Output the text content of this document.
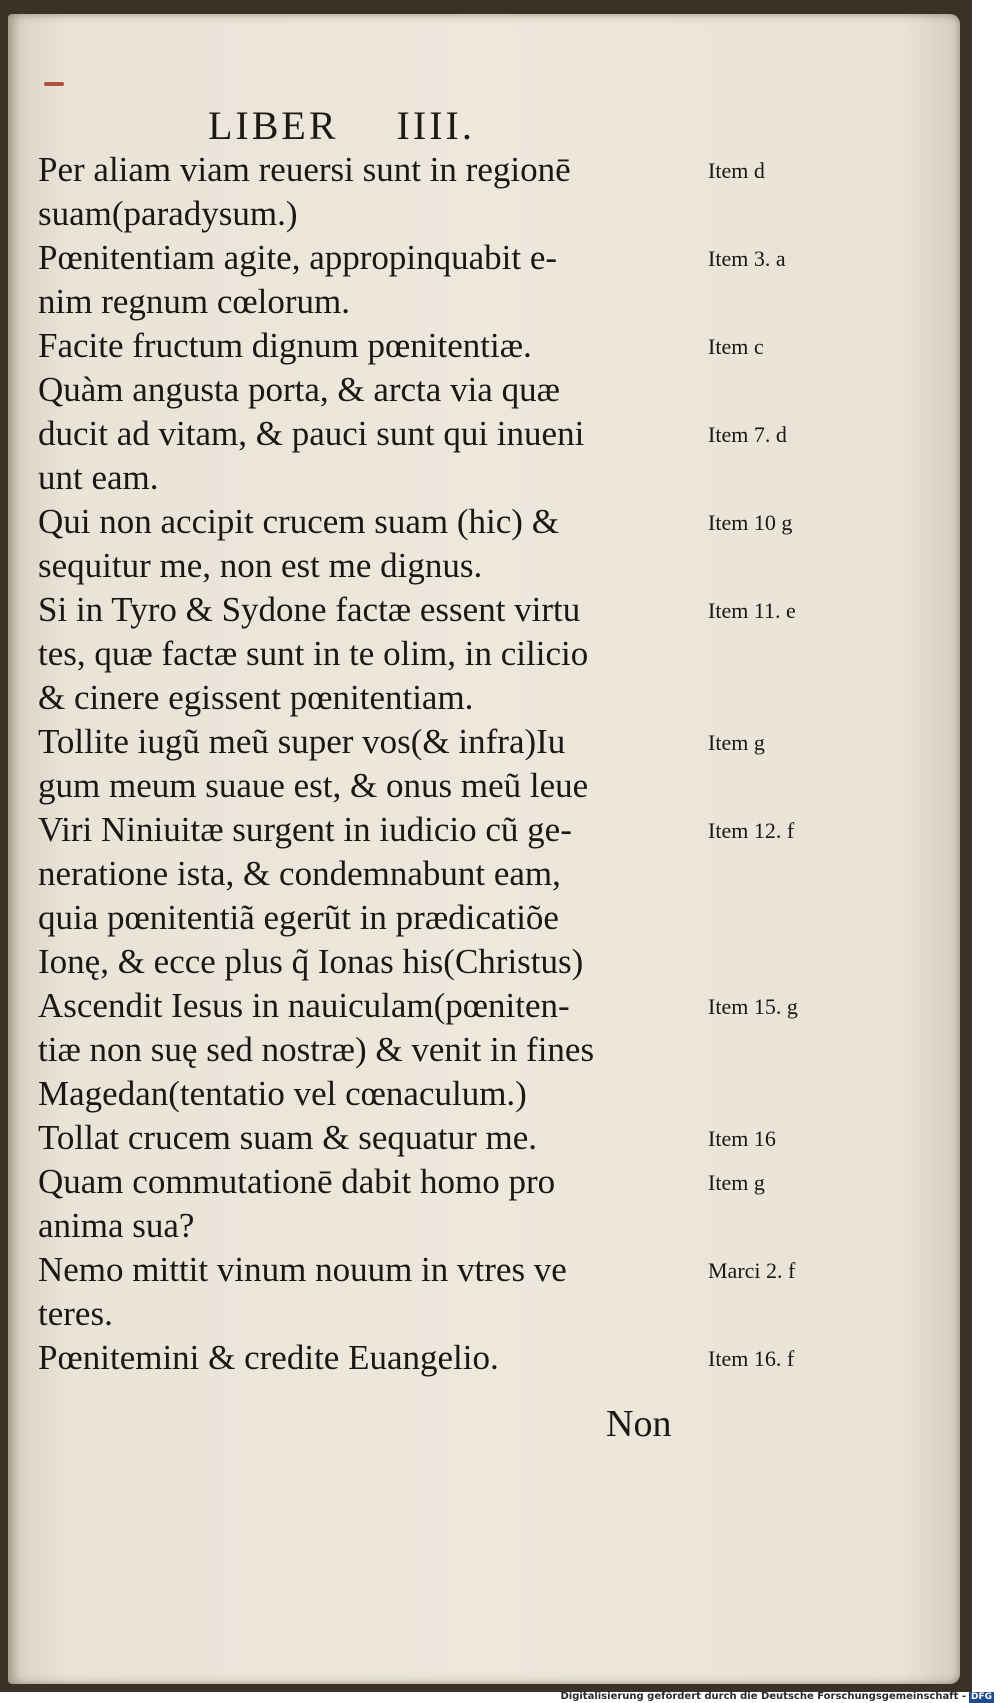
LIBER IIII.
Per aliam viam reuersi sunt in regionē
suam(paradysum.)
Pœnitentiam agite, appropinquabit e-
nim regnum cœlorum.
Facite fructum dignum pœnitentiæ.
Quàm angusta porta, & arcta via quæ
ducit ad vitam, & pauci sunt qui inueni
unt eam.
Qui non accipit crucem suam (hic) &
sequitur me, non est me dignus.
Si in Tyro & Sydone factæ essent virtu
tes, quæ factæ sunt in te olim, in cilicio
& cinere egissent pœnitentiam.
Tollite iugũ meũ super vos(& infra)Iu
gum meum suaue est, & onus meũ leue
Viri Niniuitæ surgent in iudicio cũ ge-
neratione ista, & condemnabunt eam,
quia pœnitentiã egerũt in prædicatiõe
Ionę, & ecce plus q̃ Ionas his(Christus)
Ascendit Iesus in nauiculam(pœniten-
tiæ non suę sed nostræ) & venit in fines
Magedan(tentatio vel cœnaculum.)
Tollat crucem suam & sequatur me.
Quam commutationē dabit homo pro
anima sua?
Nemo mittit vinum nouum in vtres ve
teres.
Pœnitemini & credite Euangelio.
Item d
Item 3. a
Item c
Item 7. d
Item 10 g
Item 11. e
Item g
Item 12. f
Item 15. g
Item 16
Item g
Marci 2. f
Item 16. f
Non
Digitalisierung gefördert durch die Deutsche Forschungsgemeinschaft - DFG
